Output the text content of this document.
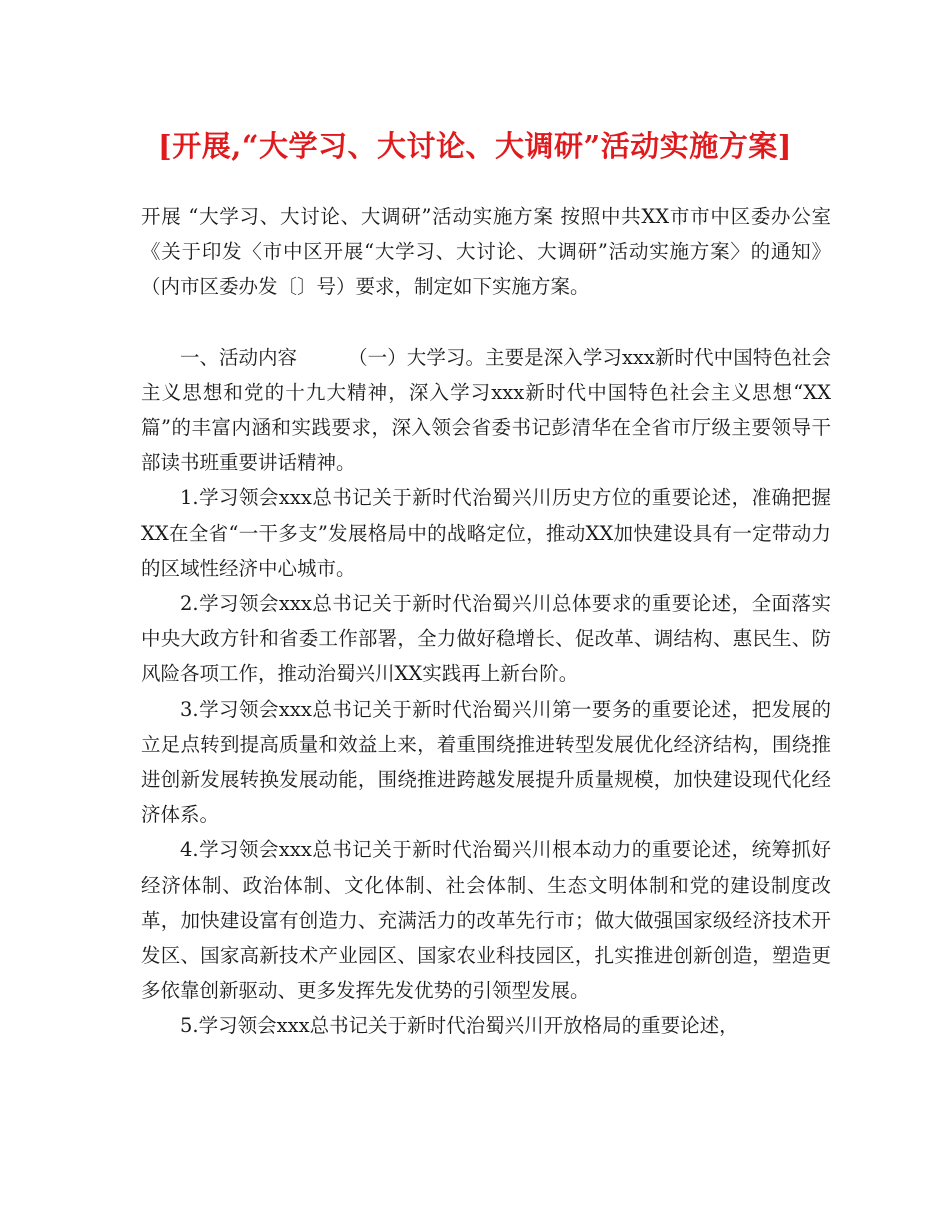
[开展,“大学习、大讨论、大调研”活动实施方案]

开展 “大学习、大讨论、大调研”活动实施方案 按照中共XX市市中区委办公室《关于印发〈市中区开展“大学习、大讨论、大调研”活动实施方案〉的通知》（内市区委办发〔〕号）要求，制定如下实施方案。

一、活动内容	（一）大学习。主要是深入学习xxx新时代中国特色社会主义思想和党的十九大精神，深入学习xxx新时代中国特色社会主义思想“XX篇”的丰富内涵和实践要求，深入领会省委书记彭清华在全省市厅级主要领导干部读书班重要讲话精神。

1.学习领会xxx总书记关于新时代治蜀兴川历史方位的重要论述，准确把握XX在全省“一干多支”发展格局中的战略定位，推动XX加快建设具有一定带动力的区域性经济中心城市。

2.学习领会xxx总书记关于新时代治蜀兴川总体要求的重要论述，全面落实中央大政方针和省委工作部署，全力做好稳增长、促改革、调结构、惠民生、防风险各项工作，推动治蜀兴川XX实践再上新台阶。

3.学习领会xxx总书记关于新时代治蜀兴川第一要务的重要论述，把发展的立足点转到提高质量和效益上来，着重围绕推进转型发展优化经济结构，围绕推进创新发展转换发展动能，围绕推进跨越发展提升质量规模，加快建设现代化经济体系。

4.学习领会xxx总书记关于新时代治蜀兴川根本动力的重要论述，统筹抓好经济体制、政治体制、文化体制、社会体制、生态文明体制和党的建设制度改革，加快建设富有创造力、充满活力的改革先行市；做大做强国家级经济技术开发区、国家高新技术产业园区、国家农业科技园区，扎实推进创新创造，塑造更多依靠创新驱动、更多发挥先发优势的引领型发展。

5.学习领会xxx总书记关于新时代治蜀兴川开放格局的重要论述，
